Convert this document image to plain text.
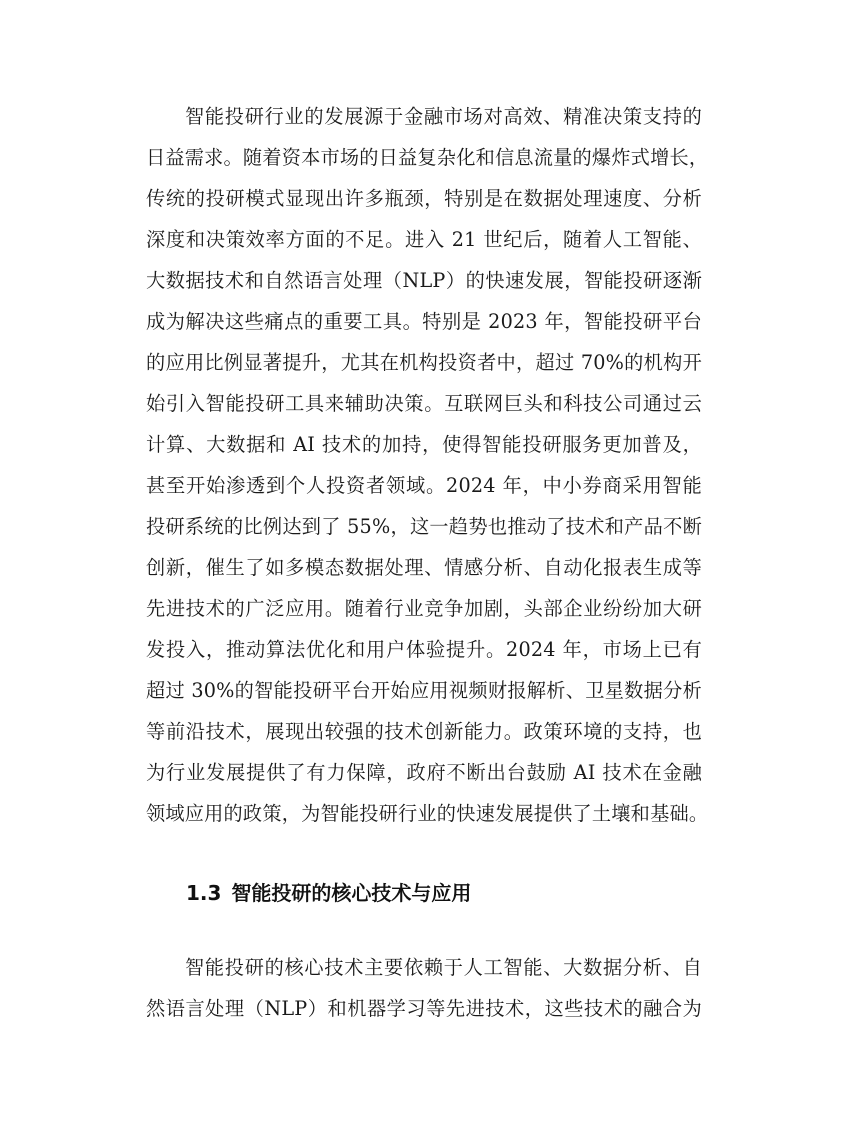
智能投研行业的发展源于金融市场对高效、精准决策支持的
日益需求。随着资本市场的日益复杂化和信息流量的爆炸式增长，
传统的投研模式显现出许多瓶颈，特别是在数据处理速度、分析
深度和决策效率方面的不足。进入 21 世纪后，随着人工智能、
大数据技术和自然语言处理（NLP）的快速发展，智能投研逐渐
成为解决这些痛点的重要工具。特别是 2023 年，智能投研平台
的应用比例显著提升，尤其在机构投资者中，超过 70%的机构开
始引入智能投研工具来辅助决策。互联网巨头和科技公司通过云
计算、大数据和 AI 技术的加持，使得智能投研服务更加普及，
甚至开始渗透到个人投资者领域。2024 年，中小券商采用智能
投研系统的比例达到了 55%，这一趋势也推动了技术和产品不断
创新，催生了如多模态数据处理、情感分析、自动化报表生成等
先进技术的广泛应用。随着行业竞争加剧，头部企业纷纷加大研
发投入，推动算法优化和用户体验提升。2024 年，市场上已有
超过 30%的智能投研平台开始应用视频财报解析、卫星数据分析
等前沿技术，展现出较强的技术创新能力。政策环境的支持，也
为行业发展提供了有力保障，政府不断出台鼓励 AI 技术在金融
领域应用的政策，为智能投研行业的快速发展提供了土壤和基础。

1.3 智能投研的核心技术与应用

智能投研的核心技术主要依赖于人工智能、大数据分析、自
然语言处理（NLP）和机器学习等先进技术，这些技术的融合为
